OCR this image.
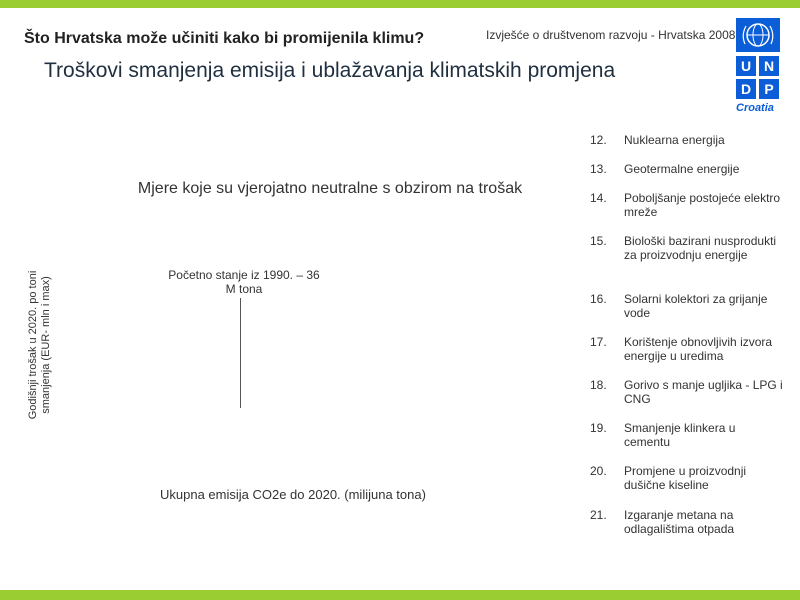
Što Hrvatska može učiniti kako bi promijenila klimu?	Izvješće o društvenom razvoju - Hrvatska 2008
Troškovi smanjenja emisija i ublažavanja klimatskih promjena	U N
D P
Croatia
Mjere koje su vjerojatno neutralne s obzirom na trošak
Početno stanje iz 1990. – 36 M tona
Godišnji trošak u 2020. po toni smanjenja (EUR- mln i max)
Ukupna emisija CO2e do 2020. (milijuna tona)
12.	Nuklearna energija
13.	Geotermalne energije
14.	Poboljšanje postojeće elektro mreže
15.	Biološki bazirani nusprodukti za proizvodnju energije
16.	Solarni kolektori za grijanje vode
17.	Korištenje obnovljivih izvora energije u uredima
18.	Gorivo s manje ugljika - LPG i CNG
19.	Smanjenje klinkera u cementu
20.	Promjene u proizvodnji dušične kiseline
21.	Izgaranje metana na odlagalištima otpada
